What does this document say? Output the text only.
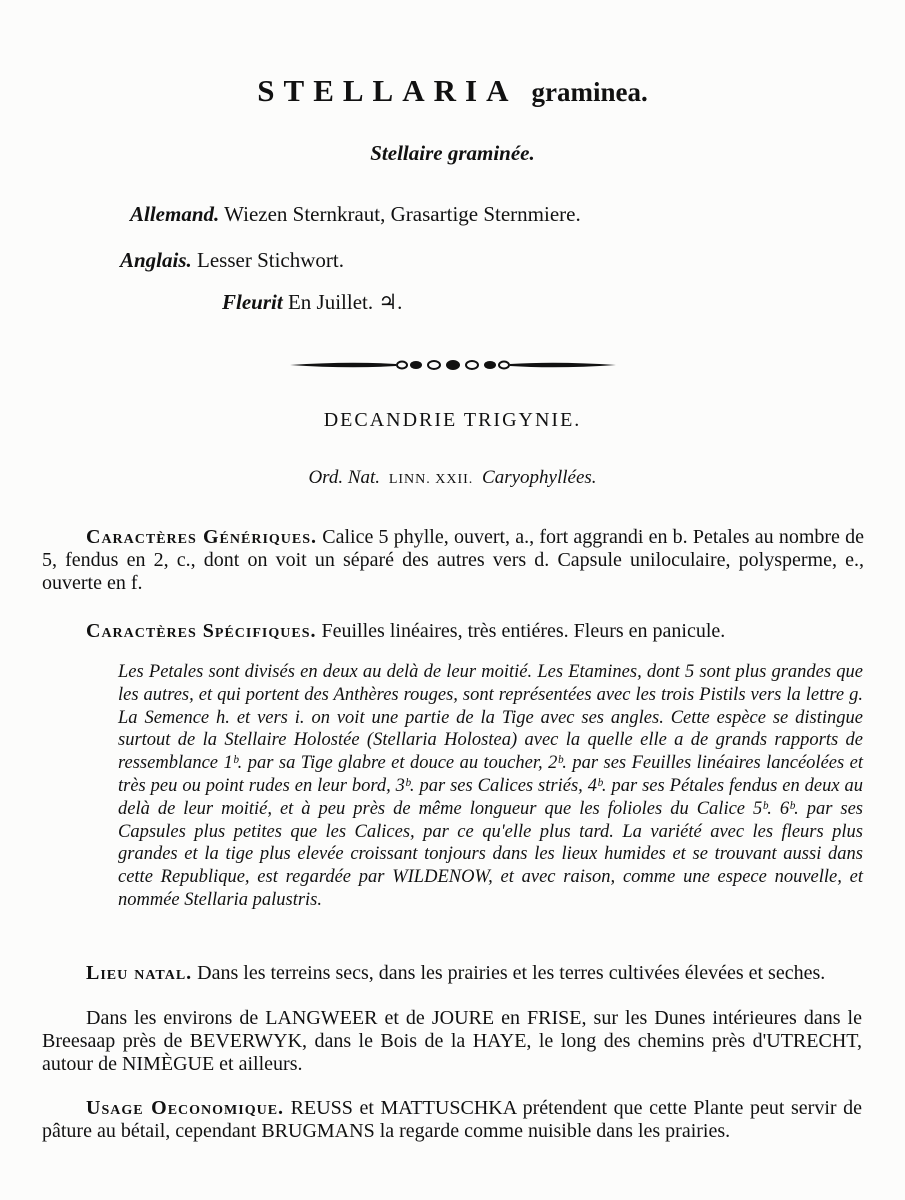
STELLARIA graminea.
Stellaire graminée.
Allemand. Wiezen Sternkraut, Grasartige Sternmiere.
Anglais. Lesser Stichwort.
Fleurit En Juillet. ♃.
DECANDRIE TRIGYNIE.
Ord. Nat. LINN. XXII. Caryophyllées.
Caractères Génériques. Calice 5 phylle, ouvert, a., fort aggrandi en b. Petales au nombre de 5, fendus en 2, c., dont on voit un séparé des autres vers d. Capsule uniloculaire, polysperme, e., ouverte en f.
Caractères Spécifiques. Feuilles linéaires, très entiéres. Fleurs en panicule.
Les Petales sont divisés en deux au delà de leur moitié. Les Etamines, dont 5 sont plus grandes que les autres, et qui portent des Anthères rouges, sont représentées avec les trois Pistils vers la lettre g. La Semence h. et vers i. on voit une partie de la Tige avec ses angles. Cette espèce se distingue surtout de la Stellaire Holostée (Stellaria Holostea) avec la quelle elle a de grands rapports de ressemblance 1ᵇ. par sa Tige glabre et douce au toucher, 2ᵇ. par ses Feuilles linéaires lancéolées et très peu ou point rudes en leur bord, 3ᵇ. par ses Calices striés, 4ᵇ. par ses Pétales fendus en deux au delà de leur moitié, et à peu près de même longueur que les folioles du Calice 5ᵇ. 6ᵇ. par ses Capsules plus petites que les Calices, par ce qu'elle plus tard. La variété avec les fleurs plus grandes et la tige plus elevée croissant tonjours dans les lieux humides et se trouvant aussi dans cette Republique, est regardée par WILDENOW, et avec raison, comme une espece nouvelle, et nommée Stellaria palustris.
Lieu natal. Dans les terreins secs, dans les prairies et les terres cultivées élevées et seches.
Dans les environs de LANGWEER et de JOURE en FRISE, sur les Dunes intérieures dans le Breesaap près de BEVERWYK, dans le Bois de la HAYE, le long des chemins près d'UTRECHT, autour de NIMÈGUE et ailleurs.
Usage Oeconomique. REUSS et MATTUSCHKA prétendent que cette Plante peut servir de pâture au bétail, cependant BRUGMANS la regarde comme nuisible dans les prairies.
